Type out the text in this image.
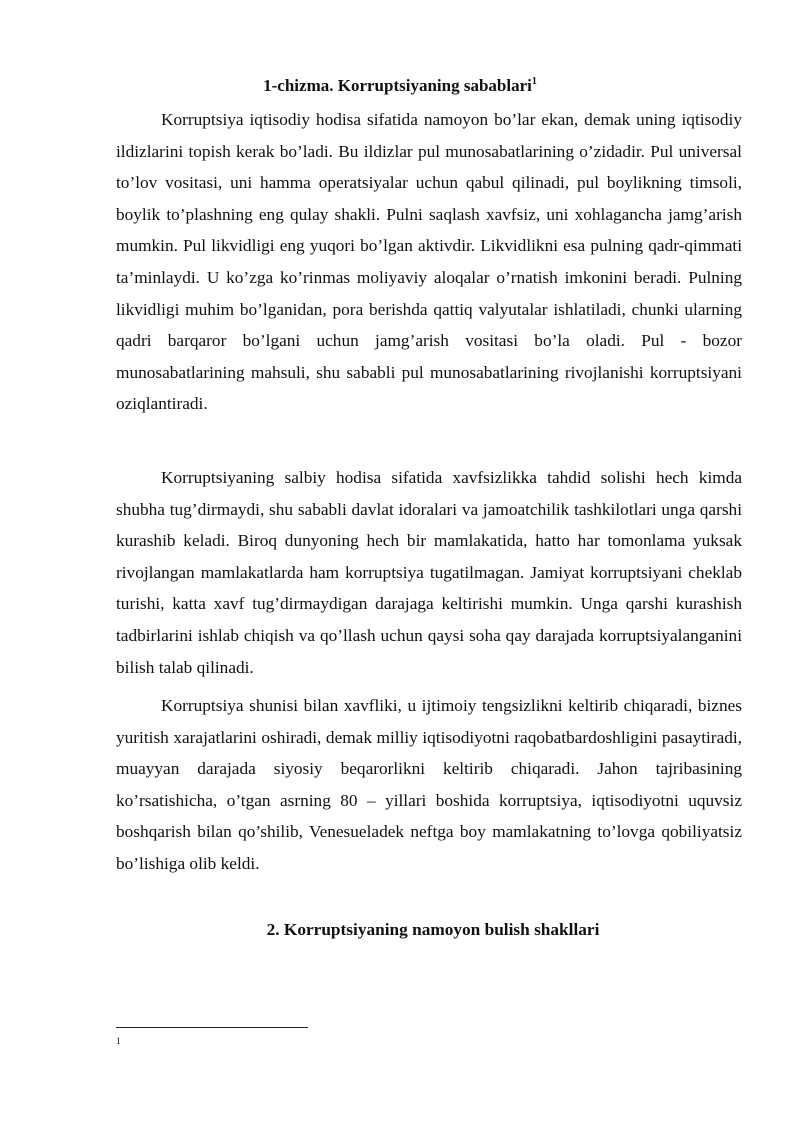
1-chizma. Korruptsiyaning sabablari$^1$

Korruptsiya iqtisodiy hodisa sifatida namoyon bo’lar ekan, demak uning iqtisodiy ildizlarini topish kerak bo’ladi. Bu ildizlar pul munosabatlarining o’zidadir. Pul universal to’lov vositasi, uni hamma operatsiyalar uchun qabul qilinadi, pul boylikning timsoli, boylik to’plashning eng qulay shakli. Pulni saqlash xavfsiz, uni xohlagancha jamg’arish mumkin. Pul likvidligi eng yuqori bo’lgan aktivdir. Likvidlikni esa pulning qadr-qimmati ta’minlaydi. U ko’zga ko’rinmas moliyaviy aloqalar o’rnatish imkonini beradi. Pulning likvidligi muhim bo’lganidan, pora berishda qattiq valyutalar ishlatiladi, chunki ularning qadri barqaror bo’lgani uchun jamg’arish vositasi bo’la oladi. Pul - bozor munosabatlarining mahsuli, shu sababli pul munosabatlarining rivojlanishi korruptsiyani oziqlantiradi.

Korruptsiyaning salbiy hodisa sifatida xavfsizlikka tahdid solishi hech kimda shubha tug’dirmaydi, shu sababli davlat idoralari va jamoatchilik tashkilotlari unga qarshi kurashib keladi. Biroq dunyoning hech bir mamlakatida, hatto har tomonlama yuksak rivojlangan mamlakatlarda ham korruptsiya tugatilmagan. Jamiyat korruptsiyani cheklab turishi, katta xavf tug’dirmaydigan darajaga keltirishi mumkin. Unga qarshi kurashish tadbirlarini ishlab chiqish va qo’llash uchun qaysi soha qay darajada korruptsiyalanganini bilish talab qilinadi.

Korruptsiya shunisi bilan xavfliki, u ijtimoiy tengsizlikni keltirib chiqaradi, biznes yuritish xarajatlarini oshiradi, demak milliy iqtisodiyotni raqobatbardoshligini pasaytiradi, muayyan darajada siyosiy beqarorlikni keltirib chiqaradi. Jahon tajribasining ko’rsatishicha, o’tgan asrning 80 – yillari boshida korruptsiya, iqtisodiyotni uquvsiz boshqarish bilan qo’shilib, Venesueladek neftga boy mamlakatning to’lovga qobiliyatsiz bo’lishiga olib keldi.

2. Korruptsiyaning namoyon bulish shakllari
1
